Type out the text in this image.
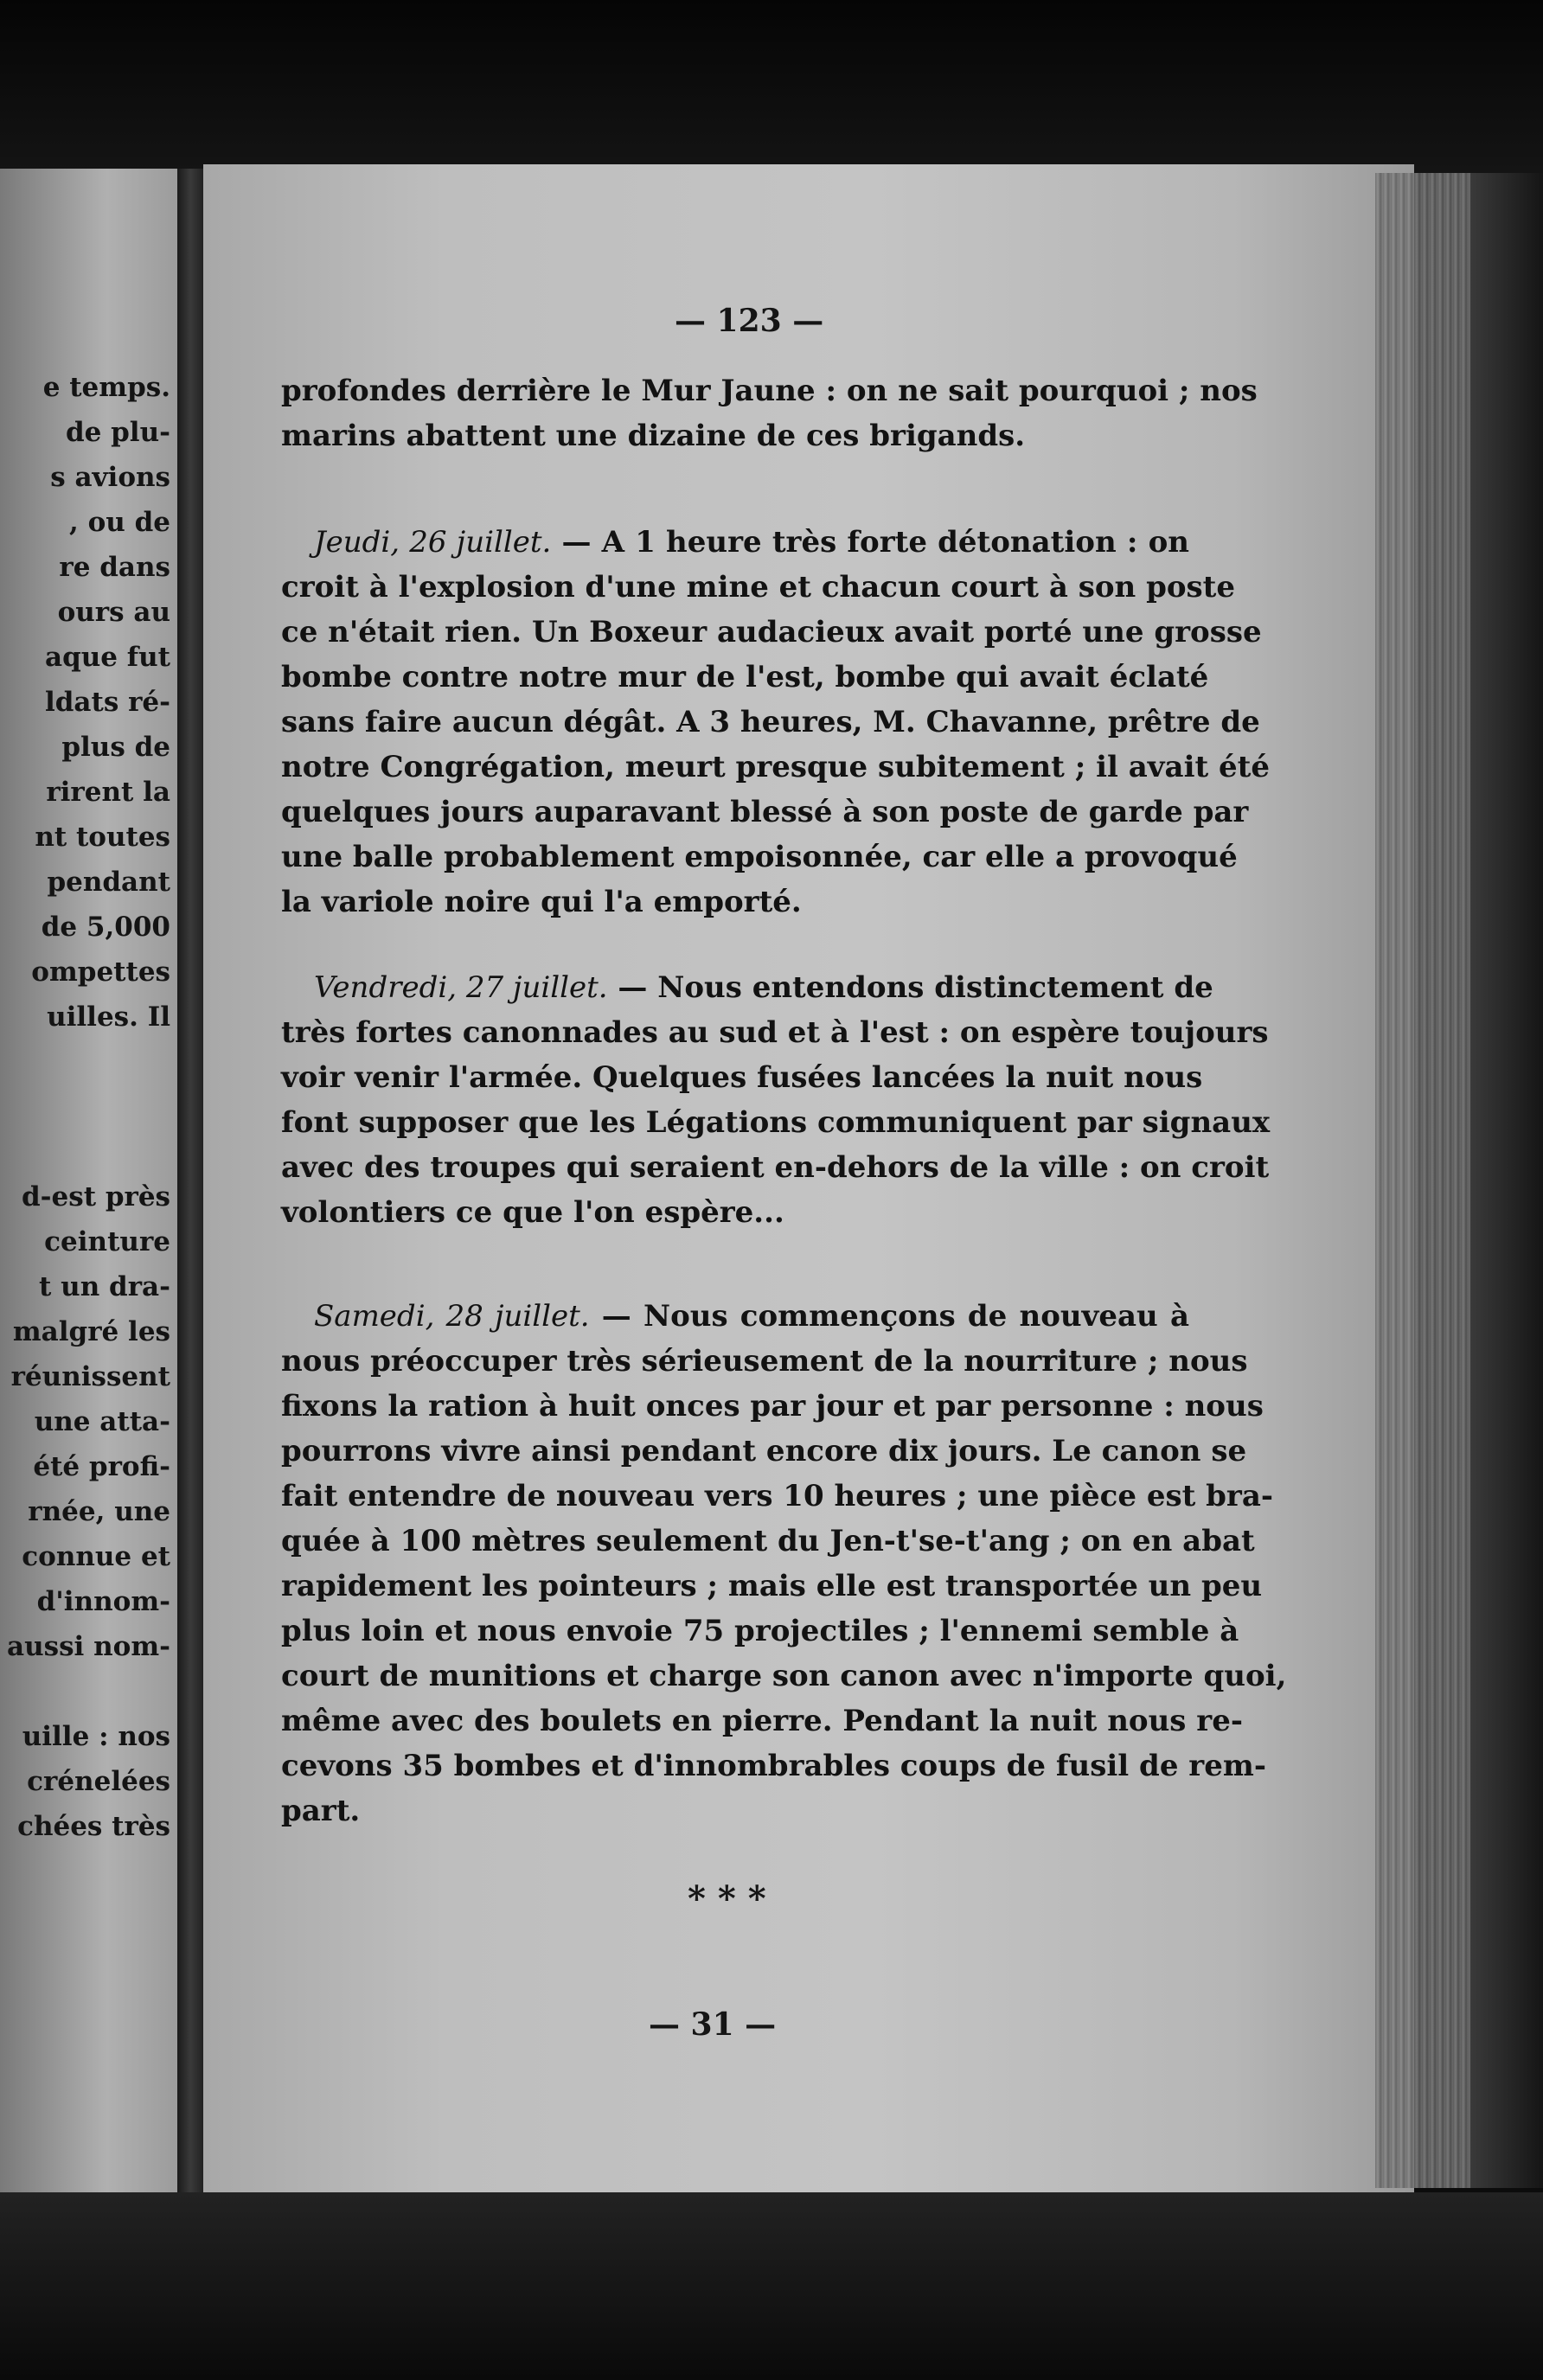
e temps.
de plu-
s avions
, ou de
re dans
ours au
aque fut
ldats ré-
plus de
rirent la
nt toutes
pendant
de 5,000
ompettes
uilles. Il
d-est près
ceinture
t un dra-
malgré les
réunissent
une atta-
été profi-
rnée, une
connue et
d'innom-
aussi nom-
uille : nos
crénelées
chées très
— 123 —
profondes derrière le Mur Jaune : on ne sait pourquoi ; nos
marins abattent une dizaine de ces brigands.
Jeudi, 26 juillet. — A 1 heure très forte détonation : on
croit à l'explosion d'une mine et chacun court à son poste
ce n'était rien. Un Boxeur audacieux avait porté une grosse
bombe contre notre mur de l'est, bombe qui avait éclaté
sans faire aucun dégât. A 3 heures, M. Chavanne, prêtre de
notre Congrégation, meurt presque subitement ; il avait été
quelques jours auparavant blessé à son poste de garde par
une balle probablement empoisonnée, car elle a provoqué
la variole noire qui l'a emporté.
Vendredi, 27 juillet. — Nous entendons distinctement de
très fortes canonnades au sud et à l'est : on espère toujours
voir venir l'armée. Quelques fusées lancées la nuit nous
font supposer que les Légations communiquent par signaux
avec des troupes qui seraient en-dehors de la ville : on croit
volontiers ce que l'on espère...
Samedi, 28 juillet. — Nous commençons de nouveau à
nous préoccuper très sérieusement de la nourriture ; nous
fixons la ration à huit onces par jour et par personne : nous
pourrons vivre ainsi pendant encore dix jours. Le canon se
fait entendre de nouveau vers 10 heures ; une pièce est bra-
quée à 100 mètres seulement du Jen-t'se-t'ang ; on en abat
rapidement les pointeurs ; mais elle est transportée un peu
plus loin et nous envoie 75 projectiles ; l'ennemi semble à
court de munitions et charge son canon avec n'importe quoi,
même avec des boulets en pierre. Pendant la nuit nous re-
cevons 35 bombes et d'innombrables coups de fusil de rem-
part.
* * *
— 31 —
